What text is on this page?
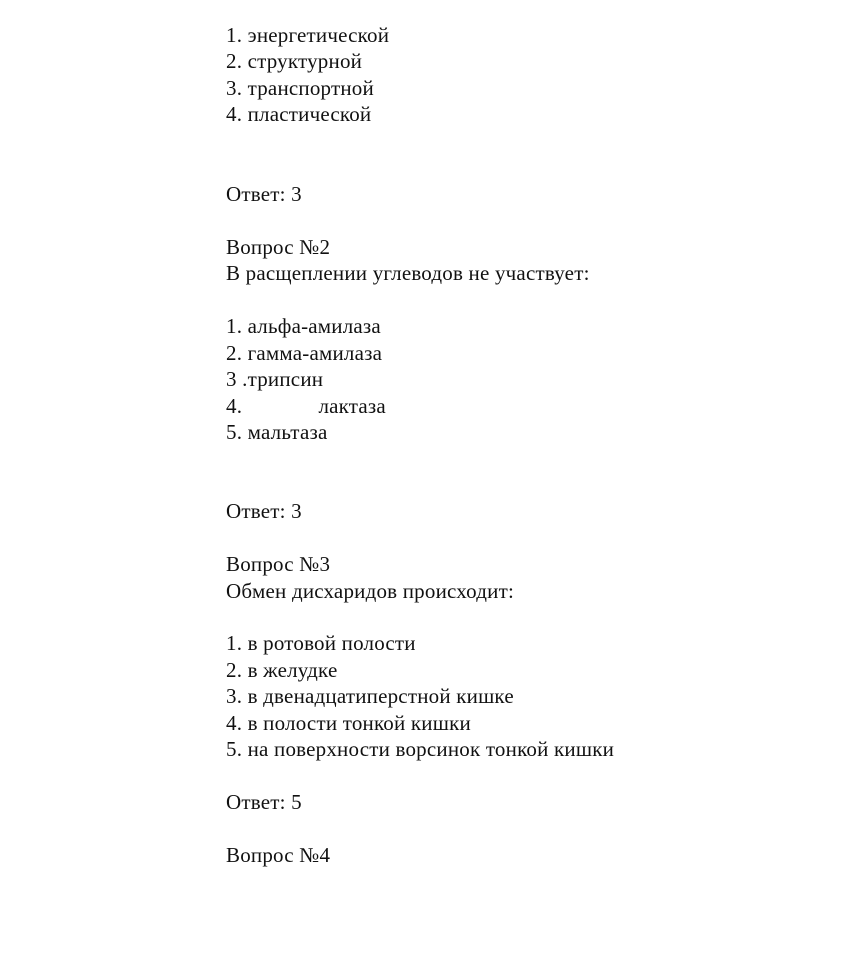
1. энергетической

2. структурной

3. транспортной

4. пластической

Ответ: 3

Вопрос №2

В расщеплении углеводов не участвует:

1. альфа-амилаза

2. гамма-амилаза

3 .трипсин

4.              лактаза

5. мальтаза

Ответ: 3

Вопрос №3

Обмен дисхаридов происходит:

1. в ротовой полости

2. в желудке

3. в двенадцатиперстной кишке

4. в полости тонкой кишки

5. на поверхности ворсинок тонкой кишки

Ответ: 5

Вопрос №4
